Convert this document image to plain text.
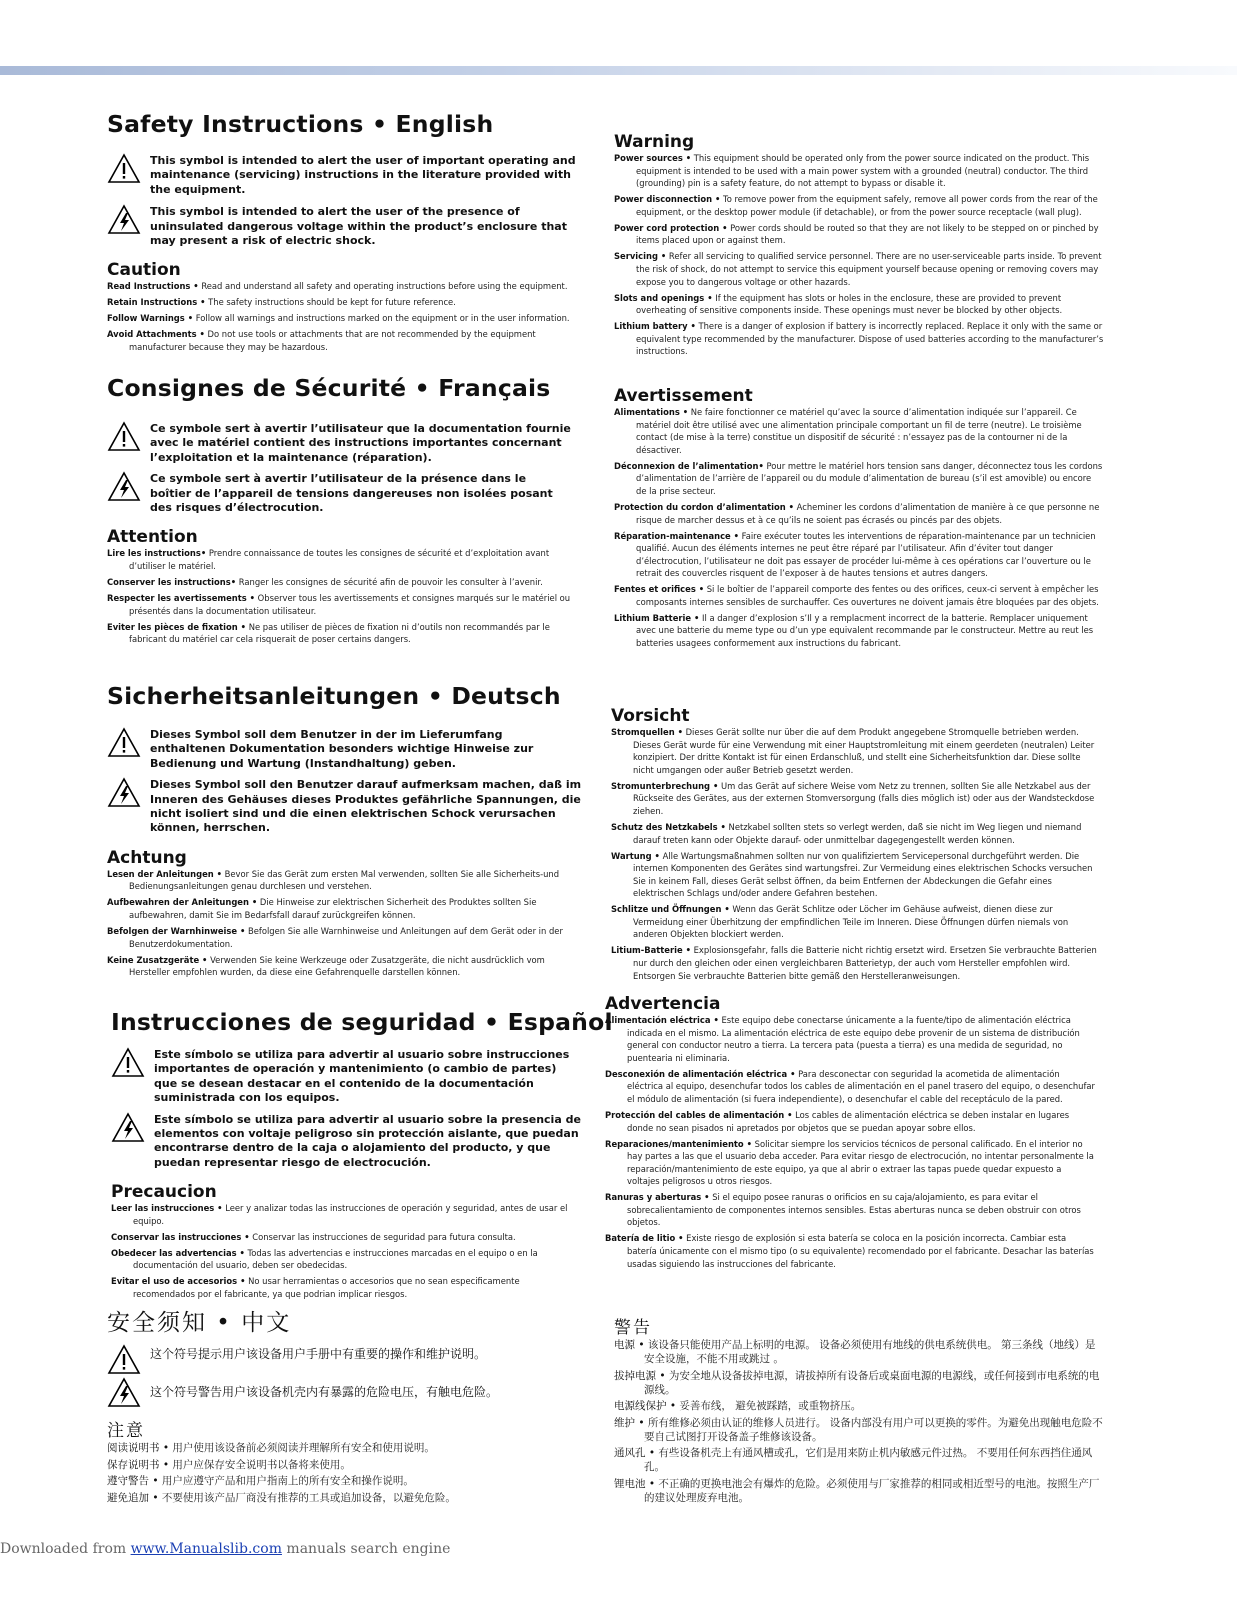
Safety Instructions • English
This symbol is intended to alert the user of important operating and maintenance (servicing) instructions in the literature provided with the equipment.
This symbol is intended to alert the user of the presence of uninsulated dangerous voltage within the product’s enclosure that may present a risk of electric shock.
Caution
Read Instructions • Read and understand all safety and operating instructions before using the equipment.
Retain Instructions • The safety instructions should be kept for future reference.
Follow Warnings • Follow all warnings and instructions marked on the equipment or in the user information.
Avoid Attachments • Do not use tools or attachments that are not recommended by the equipment manufacturer because they may be hazardous.
Warning
Power sources • This equipment should be operated only from the power source indicated on the product. This equipment is intended to be used with a main power system with a grounded (neutral) conductor. The third (grounding) pin is a safety feature, do not attempt to bypass or disable it.
Power disconnection • To remove power from the equipment safely, remove all power cords from the rear of the equipment, or the desktop power module (if detachable), or from the power source receptacle (wall plug).
Power cord protection • Power cords should be routed so that they are not likely to be stepped on or pinched by items placed upon or against them.
Servicing • Refer all servicing to qualified service personnel. There are no user-serviceable parts inside. To prevent the risk of shock, do not attempt to service this equipment yourself because opening or removing covers may expose you to dangerous voltage or other hazards.
Slots and openings • If the equipment has slots or holes in the enclosure, these are provided to prevent overheating of sensitive components inside. These openings must never be blocked by other objects.
Lithium battery • There is a danger of explosion if battery is incorrectly replaced. Replace it only with the same or equivalent type recommended by the manufacturer. Dispose of used batteries according to the manufacturer’s instructions.
Consignes de Sécurité • Français
Ce symbole sert à avertir l’utilisateur que la documentation fournie avec le matériel contient des instructions importantes concernant l’exploitation et la maintenance (réparation).
Ce symbole sert à avertir l’utilisateur de la présence dans le boîtier de l’appareil de tensions dangereuses non isolées posant des risques d’électrocution.
Attention
Lire les instructions• Prendre connaissance de toutes les consignes de sécurité et d’exploitation avant d’utiliser le matériel.
Conserver les instructions• Ranger les consignes de sécurité afin de pouvoir les consulter à l’avenir.
Respecter les avertissements • Observer tous les avertissements et consignes marqués sur le matériel ou présentés dans la documentation utilisateur.
Eviter les pièces de fixation • Ne pas utiliser de pièces de fixation ni d’outils non recommandés par le fabricant du matériel car cela risquerait de poser certains dangers.
Avertissement
Alimentations • Ne faire fonctionner ce matériel qu’avec la source d’alimentation indiquée sur l’appareil. Ce matériel doit être utilisé avec une alimentation principale comportant un fil de terre (neutre). Le troisième contact (de mise à la terre) constitue un dispositif de sécurité : n’essayez pas de la contourner ni de la désactiver.
Déconnexion de l’alimentation• Pour mettre le matériel hors tension sans danger, déconnectez tous les cordons d’alimentation de l’arrière de l’appareil ou du module d’alimentation de bureau (s’il est amovible) ou encore de la prise secteur.
Protection du cordon d’alimentation • Acheminer les cordons d’alimentation de manière à ce que personne ne risque de marcher dessus et à ce qu’ils ne soient pas écrasés ou pincés par des objets.
Réparation-maintenance • Faire exécuter toutes les interventions de réparation-maintenance par un technicien qualifié. Aucun des éléments internes ne peut être réparé par l’utilisateur. Afin d’éviter tout danger d’électrocution, l’utilisateur ne doit pas essayer de procéder lui-même à ces opérations car l’ouverture ou le retrait des couvercles risquent de l’exposer à de hautes tensions et autres dangers.
Fentes et orifices • Si le boîtier de l’appareil comporte des fentes ou des orifices, ceux-ci servent à empêcher les composants internes sensibles de surchauffer. Ces ouvertures ne doivent jamais être bloquées par des objets.
Lithium Batterie • Il a danger d’explosion s’Il y a remplacment incorrect de la batterie. Remplacer uniquement avec une batterie du meme type ou d’un ype equivalent recommande par le constructeur. Mettre au reut les batteries usagees conformement aux instructions du fabricant.
Sicherheitsanleitungen • Deutsch
Dieses Symbol soll dem Benutzer in der im Lieferumfang enthaltenen Dokumentation besonders wichtige Hinweise zur Bedienung und Wartung (Instandhaltung) geben.
Dieses Symbol soll den Benutzer darauf aufmerksam machen, daß im Inneren des Gehäuses dieses Produktes gefährliche Spannungen, die nicht isoliert sind und die einen elektrischen Schock verursachen können, herrschen.
Achtung
Lesen der Anleitungen • Bevor Sie das Gerät zum ersten Mal verwenden, sollten Sie alle Sicherheits-und Bedienungsanleitungen genau durchlesen und verstehen.
Aufbewahren der Anleitungen • Die Hinweise zur elektrischen Sicherheit des Produktes sollten Sie aufbewahren, damit Sie im Bedarfsfall darauf zurückgreifen können.
Befolgen der Warnhinweise • Befolgen Sie alle Warnhinweise und Anleitungen auf dem Gerät oder in der Benutzerdokumentation.
Keine Zusatzgeräte • Verwenden Sie keine Werkzeuge oder Zusatzgeräte, die nicht ausdrücklich vom Hersteller empfohlen wurden, da diese eine Gefahrenquelle darstellen können.
Vorsicht
Stromquellen • Dieses Gerät sollte nur über die auf dem Produkt angegebene Stromquelle betrieben werden. Dieses Gerät wurde für eine Verwendung mit einer Hauptstromleitung mit einem geerdeten (neutralen) Leiter konzipiert. Der dritte Kontakt ist für einen Erdanschluß, und stellt eine Sicherheitsfunktion dar. Diese sollte nicht umgangen oder außer Betrieb gesetzt werden.
Stromunterbrechung • Um das Gerät auf sichere Weise vom Netz zu trennen, sollten Sie alle Netzkabel aus der Rückseite des Gerätes, aus der externen Stomversorgung (falls dies möglich ist) oder aus der Wandsteckdose ziehen.
Schutz des Netzkabels • Netzkabel sollten stets so verlegt werden, daß sie nicht im Weg liegen und niemand darauf treten kann oder Objekte darauf- oder unmittelbar dagegengestellt werden können.
Wartung • Alle Wartungsmaßnahmen sollten nur von qualifiziertem Servicepersonal durchgeführt werden. Die internen Komponenten des Gerätes sind wartungsfrei. Zur Vermeidung eines elektrischen Schocks versuchen Sie in keinem Fall, dieses Gerät selbst öffnen, da beim Entfernen der Abdeckungen die Gefahr eines elektrischen Schlags und/oder andere Gefahren bestehen.
Schlitze und Öffnungen • Wenn das Gerät Schlitze oder Löcher im Gehäuse aufweist, dienen diese zur Vermeidung einer Überhitzung der empfindlichen Teile im Inneren. Diese Öffnungen dürfen niemals von anderen Objekten blockiert werden.
Litium-Batterie • Explosionsgefahr, falls die Batterie nicht richtig ersetzt wird. Ersetzen Sie verbrauchte Batterien nur durch den gleichen oder einen vergleichbaren Batterietyp, der auch vom Hersteller empfohlen wird. Entsorgen Sie verbrauchte Batterien bitte gemäß den Herstelleranweisungen.
Instrucciones de seguridad • Español
Este símbolo se utiliza para advertir al usuario sobre instrucciones importantes de operación y mantenimiento (o cambio de partes) que se desean destacar en el contenido de la documentación suministrada con los equipos.
Este símbolo se utiliza para advertir al usuario sobre la presencia de elementos con voltaje peligroso sin protección aislante, que puedan encontrarse dentro de la caja o alojamiento del producto, y que puedan representar riesgo de electrocución.
Precaucion
Leer las instrucciones • Leer y analizar todas las instrucciones de operación y seguridad, antes de usar el equipo.
Conservar las instrucciones • Conservar las instrucciones de seguridad para futura consulta.
Obedecer las advertencias • Todas las advertencias e instrucciones marcadas en el equipo o en la documentación del usuario, deben ser obedecidas.
Evitar el uso de accesorios • No usar herramientas o accesorios que no sean especificamente recomendados por el fabricante, ya que podrian implicar riesgos.
Advertencia
Alimentación eléctrica • Este equipo debe conectarse únicamente a la fuente/tipo de alimentación eléctrica indicada en el mismo. La alimentación eléctrica de este equipo debe provenir de un sistema de distribución general con conductor neutro a tierra. La tercera pata (puesta a tierra) es una medida de seguridad, no puentearia ni eliminaria.
Desconexión de alimentación eléctrica • Para desconectar con seguridad la acometida de alimentación eléctrica al equipo, desenchufar todos los cables de alimentación en el panel trasero del equipo, o desenchufar el módulo de alimentación (si fuera independiente), o desenchufar el cable del receptáculo de la pared.
Protección del cables de alimentación • Los cables de alimentación eléctrica se deben instalar en lugares donde no sean pisados ni apretados por objetos que se puedan apoyar sobre ellos.
Reparaciones/mantenimiento • Solicitar siempre los servicios técnicos de personal calificado. En el interior no hay partes a las que el usuario deba acceder. Para evitar riesgo de electrocución, no intentar personalmente la reparación/mantenimiento de este equipo, ya que al abrir o extraer las tapas puede quedar expuesto a voltajes peligrosos u otros riesgos.
Ranuras y aberturas • Si el equipo posee ranuras o orificios en su caja/alojamiento, es para evitar el sobrecalientamiento de componentes internos sensibles. Estas aberturas nunca se deben obstruir con otros objetos.
Batería de litio • Existe riesgo de explosión si esta batería se coloca en la posición incorrecta. Cambiar esta batería únicamente con el mismo tipo (o su equivalente) recomendado por el fabricante. Desachar las baterías usadas siguiendo las instrucciones del fabricante.
安全须知 • 中文
这个符号提示用户该设备用户手册中有重要的操作和维护说明。
这个符号警告用户该设备机壳内有暴露的危险电压，有触电危险。
注意
阅读说明书 • 用户使用该设备前必须阅读并理解所有安全和使用说明。
保存说明书 • 用户应保存安全说明书以备将来使用。
遵守警告 • 用户应遵守产品和用户指南上的所有安全和操作说明。
避免追加 • 不要使用该产品厂商没有推荐的工具或追加设备，以避免危险。
警告
电源 • 该设备只能使用产品上标明的电源。 设备必须使用有地线的供电系统供电。 第三条线（地线）是安全设施，不能不用或跳过 。
拔掉电源 • 为安全地从设备拔掉电源，请拔掉所有设备后或桌面电源的电源线，或任何接到市电系统的电源线。
电源线保护 • 妥善布线， 避免被踩踏，或重物挤压。
维护 • 所有维修必须由认证的维修人员进行。 设备内部没有用户可以更换的零件。为避免出现触电危险不要自己试图打开设备盖子维修该设备。
通风孔 • 有些设备机壳上有通风槽或孔，它们是用来防止机内敏感元件过热。 不要用任何东西挡住通风孔。
锂电池 • 不正确的更换电池会有爆炸的危险。必须使用与厂家推荐的相同或相近型号的电池。按照生产厂的建议处理废弃电池。
Downloaded from www.Manualslib.com manuals search engine
